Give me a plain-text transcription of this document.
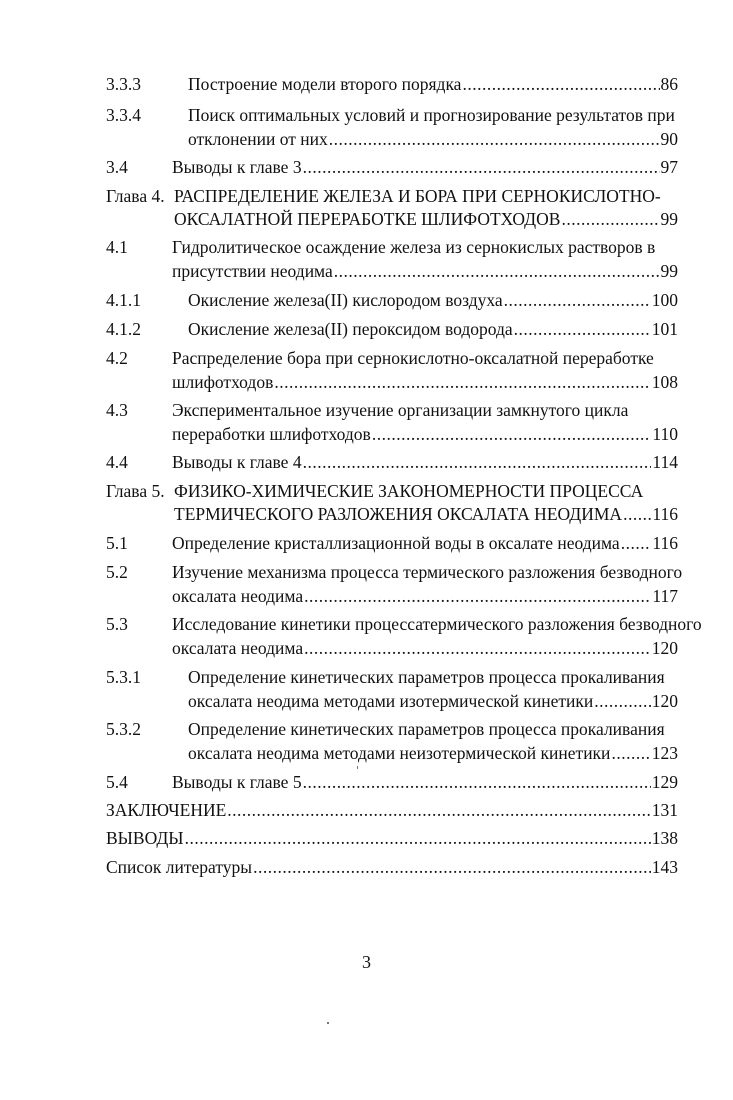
3.3.3	Построение модели второго порядка .....	86
3.3.4	Поиск оптимальных условий и прогнозирование результатов при
отклонении от них .....	90
3.4	Выводы к главе 3 .....	97
Глава 4. РАСПРЕДЕЛЕНИЕ ЖЕЛЕЗА И БОРА ПРИ СЕРНОКИСЛОТНО-
ОКСАЛАТНОЙ ПЕРЕРАБОТКЕ ШЛИФОТХОДОВ .....	99
4.1	Гидролитическое осаждение железа из сернокислых растворов в
присутствии неодима .....	99
4.1.1	Окисление железа(II) кислородом воздуха .....	100
4.1.2	Окисление железа(II) пероксидом водорода .....	101
4.2	Распределение бора при сернокислотно-оксалатной переработке
шлифотходов .....	108
4.3	Экспериментальное изучение организации замкнутого цикла
переработки шлифотходов .....	110
4.4	Выводы к главе 4 .....	114
Глава 5. ФИЗИКО-ХИМИЧЕСКИЕ ЗАКОНОМЕРНОСТИ ПРОЦЕССА
ТЕРМИЧЕСКОГО РАЗЛОЖЕНИЯ ОКСАЛАТА НЕОДИМА ..... 116
5.1	Определение кристаллизационной воды в оксалате неодима ..... 116
5.2	Изучение механизма процесса термического разложения безводного
оксалата неодима .....	117
5.3	Исследование кинетики процессатермического разложения безводного
оксалата неодима .....	120
5.3.1	Определение кинетических параметров процесса прокаливания
оксалата неодима методами изотермической кинетики .....	120
5.3.2	Определение кинетических параметров процесса прокаливания
оксалата неодима методами неизотермической кинетики ..... 123
5.4	Выводы к главе 5 .....	129
ЗАКЛЮЧЕНИЕ .....	131
ВЫВОДЫ .....	138
Список литературы .....	143
3
